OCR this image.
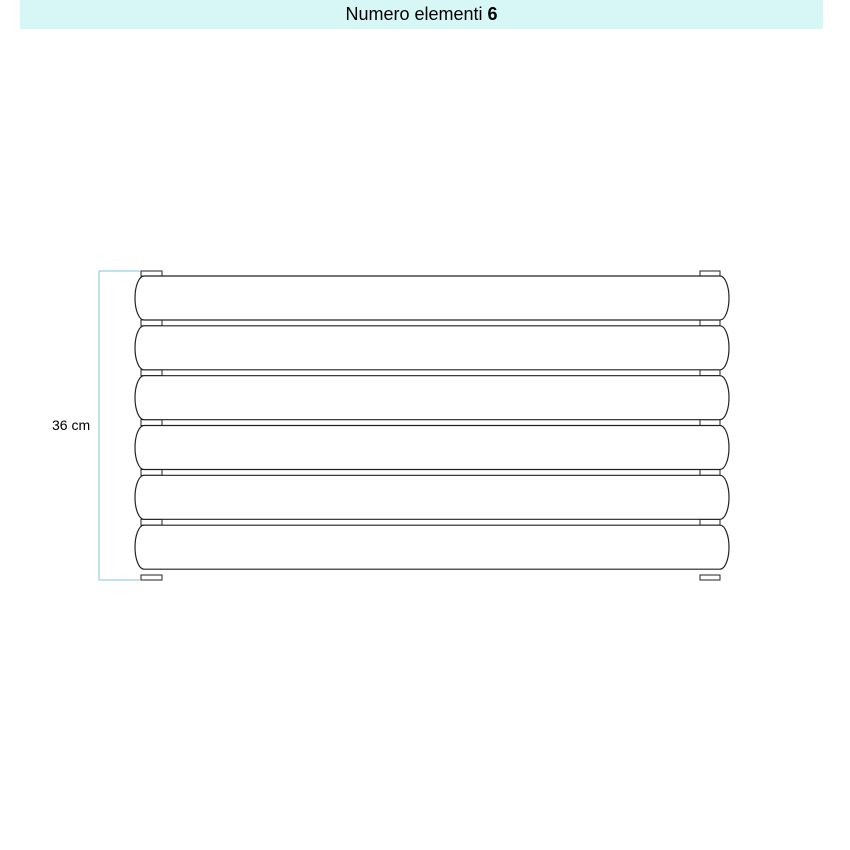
Numero elementi 6
36 cm
